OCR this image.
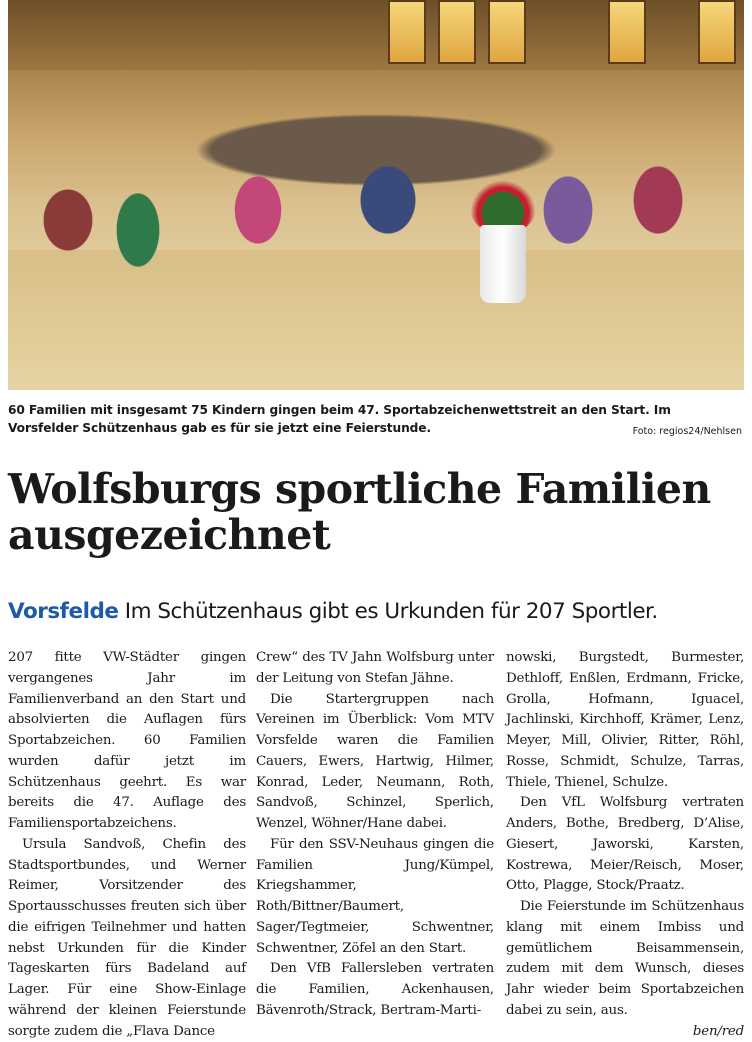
60 Familien mit insgesamt 75 Kindern gingen beim 47. Sportabzeichenwettstreit an den Start. Im Vorsfelder Schützenhaus gab es für sie jetzt eine Feierstunde.	Foto: regios24/Nehlsen
Wolfsburgs sportliche Familien ausgezeichnet
Vorsfelde Im Schützenhaus gibt es Urkunden für 207 Sportler.

207 fitte VW-Städter gingen vergangenes Jahr im Familienverband an den Start und absolvierten die Auflagen fürs Sportabzeichen. 60 Familien wurden dafür jetzt im Schützenhaus geehrt. Es war bereits die 47. Auflage des Familiensportabzeichens.

Ursula Sandvoß, Chefin des Stadtsportbundes, und Werner Reimer, Vorsitzender des Sportausschusses freuten sich über die eifrigen Teilnehmer und hatten nebst Urkunden für die Kinder Tageskarten fürs Badeland auf Lager. Für eine Show-Einlage während der kleinen Feierstunde sorgte zudem die „Flava Dance

Crew“ des TV Jahn Wolfsburg unter der Leitung von Stefan Jähne.

Die Startergruppen nach Vereinen im Überblick: Vom MTV Vorsfelde waren die Familien Cauers, Ewers, Hartwig, Hilmer, Konrad, Leder, Neumann, Roth, Sandvoß, Schinzel, Sperlich, Wenzel, Wöhner/Hane dabei.

Für den SSV-Neuhaus gingen die Familien Jung/Kümpel, Kriegshammer, Roth/Bittner/Baumert, Sager/Tegtmeier, Schwentner, Schwentner, Zöfel an den Start.

Den VfB Fallersleben vertraten die Familien, Ackenhausen, Bävenroth/Strack, Bertram-Marti-

nowski, Burgstedt, Burmester, Dethloff, Enßlen, Erdmann, Fricke, Grolla, Hofmann, Iguacel, Jachlinski, Kirchhoff, Krämer, Lenz, Meyer, Mill, Olivier, Ritter, Röhl, Rosse, Schmidt, Schulze, Tarras, Thiele, Thienel, Schulze.

Den VfL Wolfsburg vertraten Anders, Bothe, Bredberg, D’Alise, Giesert, Jaworski, Karsten, Kostrewa, Meier/Reisch, Moser, Otto, Plagge, Stock/Praatz.

Die Feierstunde im Schützenhaus klang mit einem Imbiss und gemütlichem Beisammensein, zudem mit dem Wunsch, dieses Jahr wieder beim Sportabzeichen dabei zu sein, aus.

ben/red
